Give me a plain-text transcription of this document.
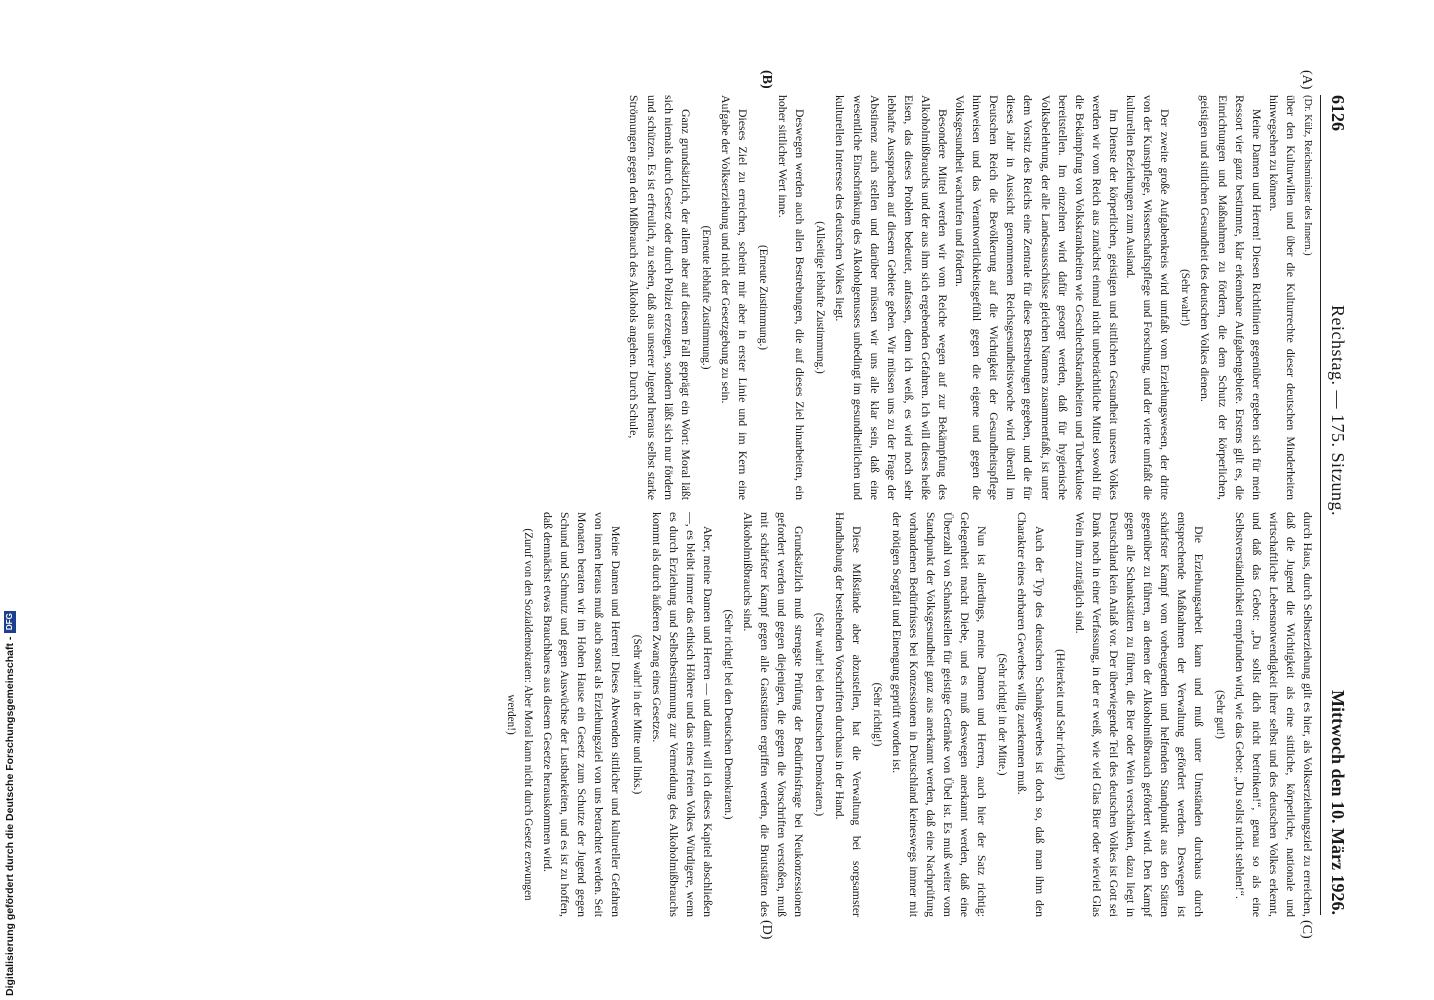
6126
Reichstag. — 175. Sitzung.
Mittwoch den 10. März 1926.
(A)
(B)
(C)
(D)

(Dr. Külz, Reichsminister des Innern.)

über den Kulturwillen und über die Kulturrechte dieser deutschen Minderheiten hinwegsehen zu können.

Meine Damen und Herren! Diesen Richtlinien gegenüber ergeben sich für mein Ressort vier ganz bestimmte, klar erkennbare Aufgabengebiete. Erstens gilt es, die Einrichtungen und Maßnahmen zu fördern, die dem Schutz der körperlichen, geistigen und sittlichen Gesundheit des deutschen Volkes dienen.

(Sehr wahr!)

Der zweite große Aufgabenkreis wird umfaßt vom Erziehungswesen, der dritte von der Kunstpflege, Wissenschaftspflege und Forschung, und der vierte umfaßt die kulturellen Beziehungen zum Ausland.

Im Dienste der körperlichen, geistigen und sittlichen Gesundheit unseres Volkes werden wir vom Reich aus zunächst einmal nicht unbeträchtliche Mittel sowohl für die Bekämpfung von Volkskrankheiten wie Geschlechtskrankheiten und Tuberkulose bereitstellen. Im einzelnen wird dafür gesorgt werden, daß für hygienische Volksbelehrung, der alle Landesausschüsse gleichen Namens zusammenfaßt, ist unter dem Vorsitz des Reichs eine Zentrale für diese Bestrebungen gegeben, und die für dieses Jahr in Aussicht genommenen Reichsgesundheitswoche wird überall im Deutschen Reich die Bevölkerung auf die Wichtigkeit der Gesundheitspflege hinweisen und das Verantwortlichkeitsgefühl gegen die eigene und gegen die Volksgesundheit wachrufen und fördern.

Besondere Mittel werden wir vom Reiche wegen auf zur Bekämpfung des Alkoholmißbrauchs und der aus ihm sich ergebenden Gefahren. Ich will dieses heiße Eisen, das dieses Problem bedeutet, anfassen, denn ich weiß, es wird noch sehr lebhafte Aussprachen auf diesem Gebiete geben. Wir müssen uns zu der Frage der Abstinenz auch stellen und darüber müssen wir uns alle klar sein, daß eine wesentliche Einschränkung des Alkoholgenusses unbedingt im gesundheitlichen und kulturellen Interesse des deutschen Volkes liegt.

(Allseitige lebhafte Zustimmung.)

Deswegen werden auch allen Bestrebungen, die auf dieses Ziel hinarbeiten, ein hoher sittlicher Wert inne.

(Erneute Zustimmung.)

Dieses Ziel zu erreichen, scheint mir aber in erster Linie und im Kern eine Aufgabe der Volkserziehung und nicht der Gesetzgebung zu sein.

(Erneute lebhafte Zustimmung.)

Ganz grundsätzlich, der allem aber auf diesem Fall geprägt ein Wort: Moral läßt sich niemals durch Gesetz oder durch Polizei erzeugen, sondern läßt sich nur fördern und schützen. Es ist erfreulich, zu sehen, daß aus unserer Jugend heraus selbst starke Strömungen gegen den Mißbrauch des Alkohols angehen. Durch Schule,

durch Haus, durch Selbsterziehung gilt es hier, als Volkserziehungsziel zu erreichen, daß die Jugend die Wichtigkeit als eine sittliche, körperliche, nationale und wirtschaftliche Lebensnotwendigkeit ihrer selbst und des deutschen Volkes erkennt, und daß das Gebot: „Du sollst dich nicht betrinken!“, genau so als eine Selbstverständlichkeit empfunden wird, wie das Gebot: „Du sollst nicht stehlen!“.

(Sehr gut!)

Die Erziehungsarbeit kann und muß unter Umständen durchaus durch entsprechende Maßnahmen der Verwaltung gefördert werden. Deswegen ist schärfster Kampf vom vorbeugenden und helfenden Standpunkt aus den Stätten gegenüber zu führen, an denen der Alkoholmißbrauch gefördert wird. Den Kampf gegen alle Schankstätten zu führen, die Bier oder Wein verschänken, dazu liegt in Deutschland kein Anlaß vor. Der überwiegende Teil des deutschen Volkes ist Gott sei Dank noch in einer Verfassung, in der er weiß, wie viel Glas Bier oder wieviel Glas Wein ihm zuträglich sind.

(Heiterkeit und Sehr richtig!)

Auch der Typ des deutschen Schankgewerbes ist doch so, daß man ihm den Charakter eines ehrbaren Gewerbes willig zuerkennen muß.

(Sehr richtig! in der Mitte.)

Nun ist allerdings, meine Damen und Herren, auch hier der Satz richtig: Gelegenheit macht Diebe, und es muß deswegen anerkannt werden, daß eine Überzahl von Schankstellen für geistige Getränke von Übel ist. Es muß weiter vom Standpunkt der Volksgesundheit ganz aus anerkannt werden, daß eine Nachprüfung vorhandenen Bedürfnisses bei Konzessionen in Deutschland keineswegs immer mit der nötigen Sorgfalt und Einengung geprüft worden ist.

(Sehr richtig!)

Diese Mißstände aber abzustellen, hat die Verwaltung bei sorgsamster Handhabung der bestehenden Vorschriften durchaus in der Hand.

(Sehr wahr! bei den Deutschen Demokraten.)

Grundsätzlich muß strengste Prüfung der Bedürfnisfrage bei Neukonzessionen gefordert werden und gegen diejenigen, die gegen die Vorschriften verstoßen, muß mit schärfster Kampf gegen alle Gaststätten ergriffen werden, die Brutstätten des Alkoholmißbrauchs sind.

(Sehr richtig! bei den Deutschen Demokraten.)

Aber, meine Damen und Herren — und damit will ich dieses Kapitel abschließen —, es bleibt immer das ethisch Höhere und das eines freien Volkes Würdigere, wenn es durch Erziehung und Selbstbestimmung zur Vermeidung des Alkoholmißbrauchs kommt als durch äußeren Zwang eines Gesetzes.

(Sehr wahr! in der Mitte und links.)

Meine Damen und Herren! Dieses Abwenden sittlicher und kultureller Gefahren von innen heraus muß auch sonst als Erziehungsziel von uns betrachtet werden. Seit Monaten beraten wir im Hohen Hause ein Gesetz zum Schutze der Jugend gegen Schund und Schmutz und gegen Auswüchse der Lustbarkeiten, und es ist zu hoffen, daß demnächst etwas Brauchbares aus diesem Gesetze herauskommen wird.

(Zuruf von den Sozialdemokraten: Aber Moral kann nicht durch Gesetz erzwungen werden!)

Digitalisierung gefördert durch die Deutsche Forschungsgemeinschaft -
DFG
